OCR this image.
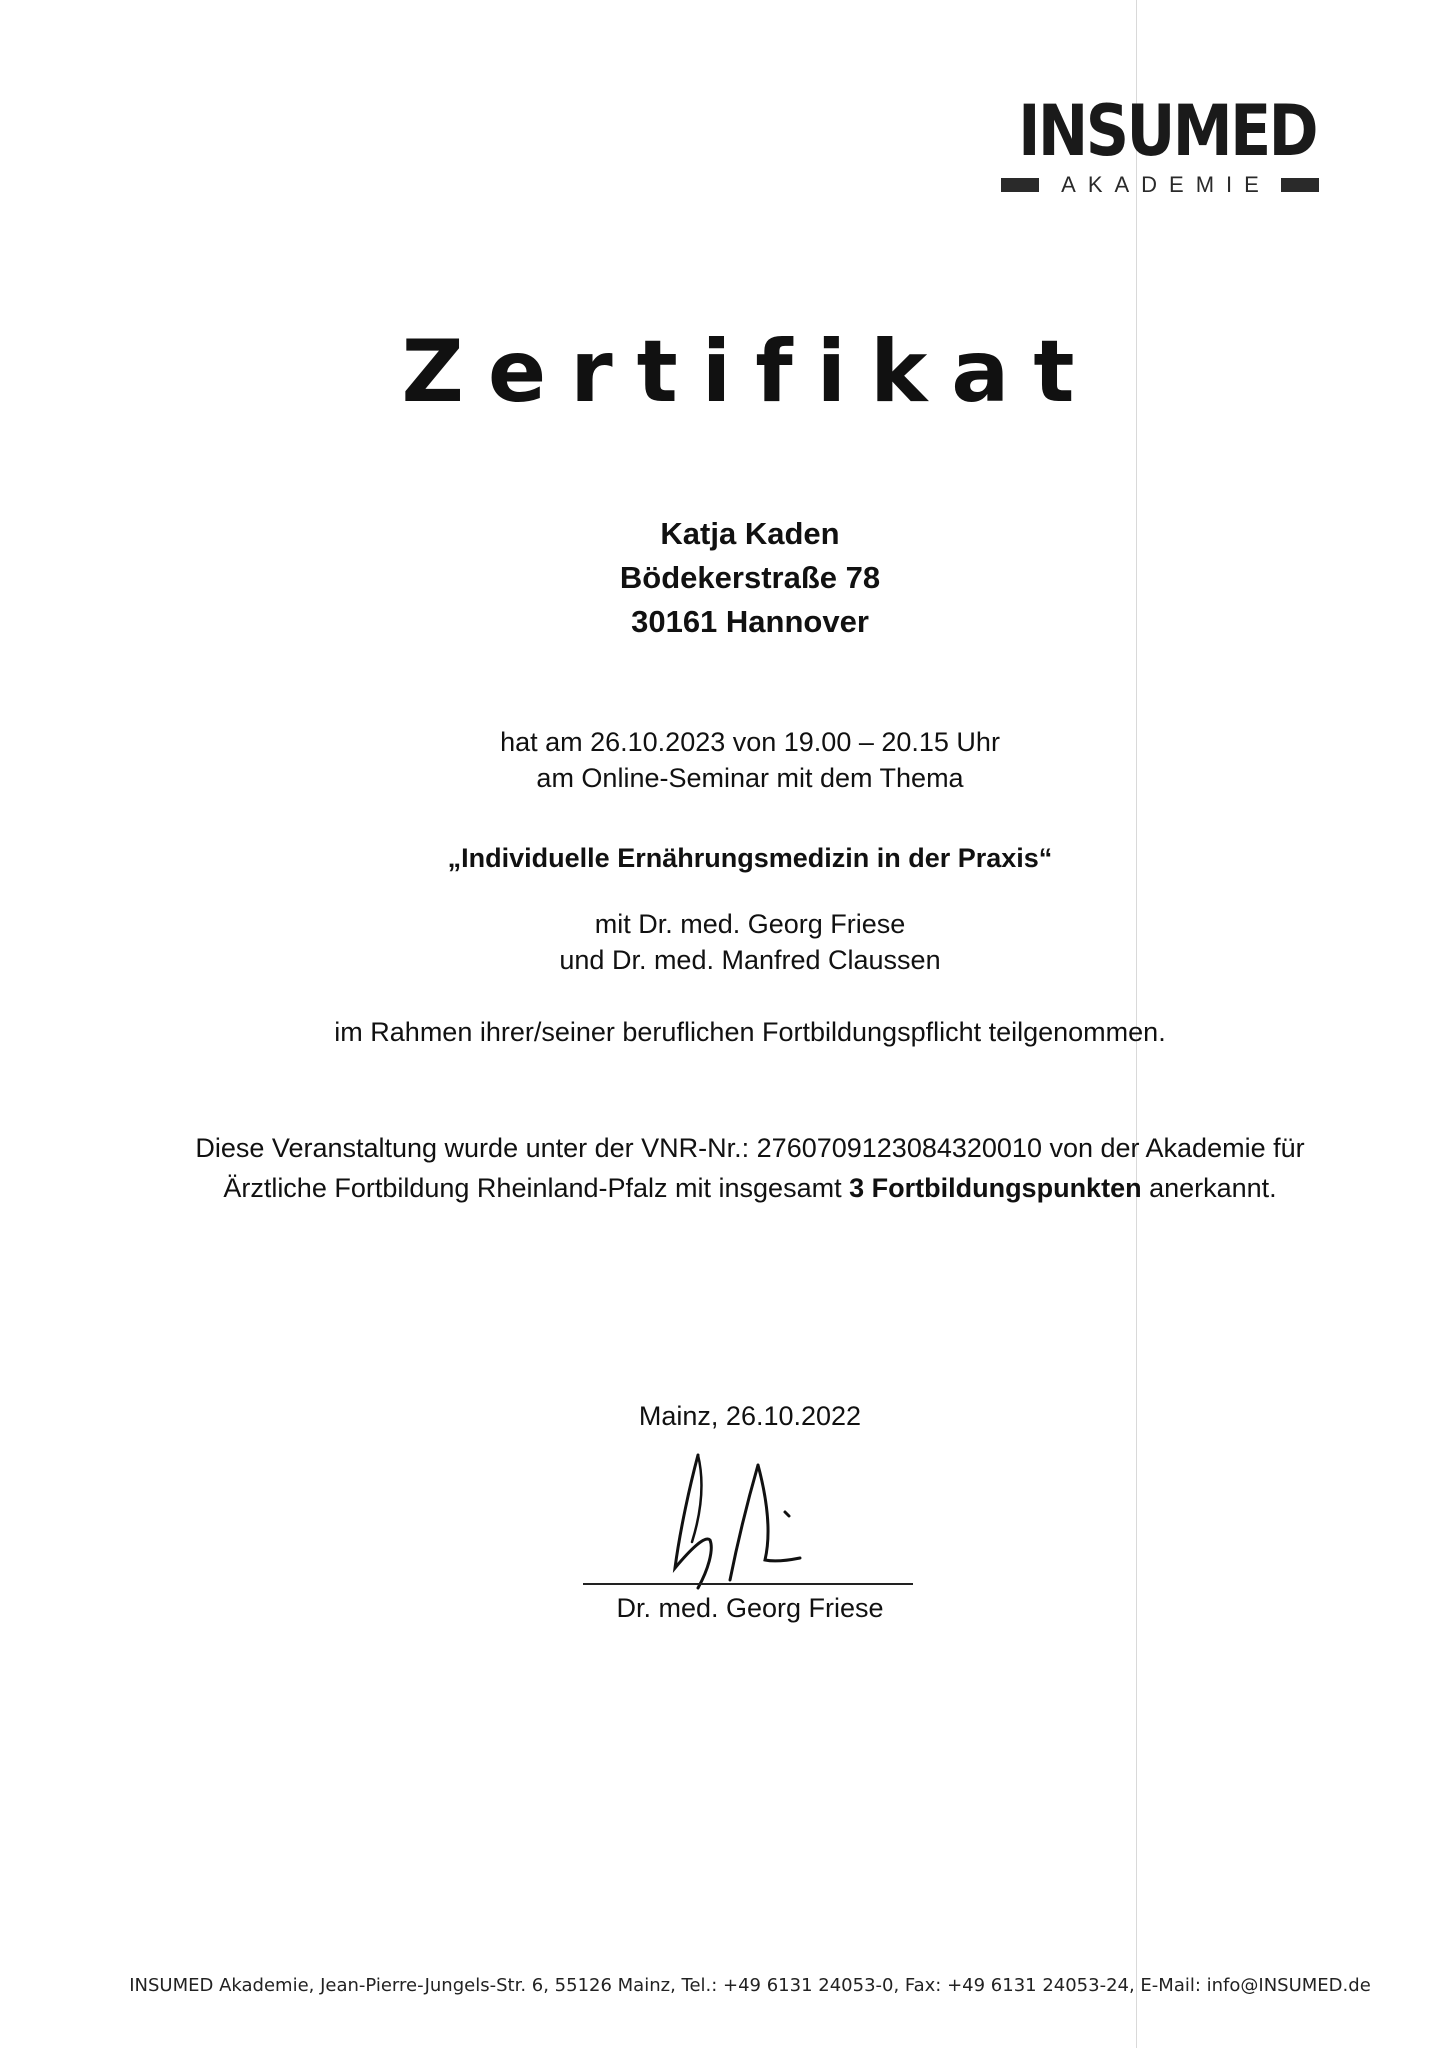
INSUMED
AKADEMIE
Zertifikat
Katja Kaden
Bödekerstraße 78
30161 Hannover
hat am 26.10.2023 von 19.00 – 20.15 Uhr
am Online-Seminar mit dem Thema
„Individuelle Ernährungsmedizin in der Praxis“
mit Dr. med. Georg Friese
und Dr. med. Manfred Claussen
im Rahmen ihrer/seiner beruflichen Fortbildungspflicht teilgenommen.
Diese Veranstaltung wurde unter der VNR-Nr.: 2760709123084320010 von der Akademie für
Ärztliche Fortbildung Rheinland-Pfalz mit insgesamt 3 Fortbildungspunkten anerkannt.
Mainz, 26.10.2022
Dr. med. Georg Friese
INSUMED Akademie, Jean-Pierre-Jungels-Str. 6, 55126 Mainz, Tel.: +49 6131 24053-0, Fax: +49 6131 24053-24, E-Mail: info@INSUMED.de
